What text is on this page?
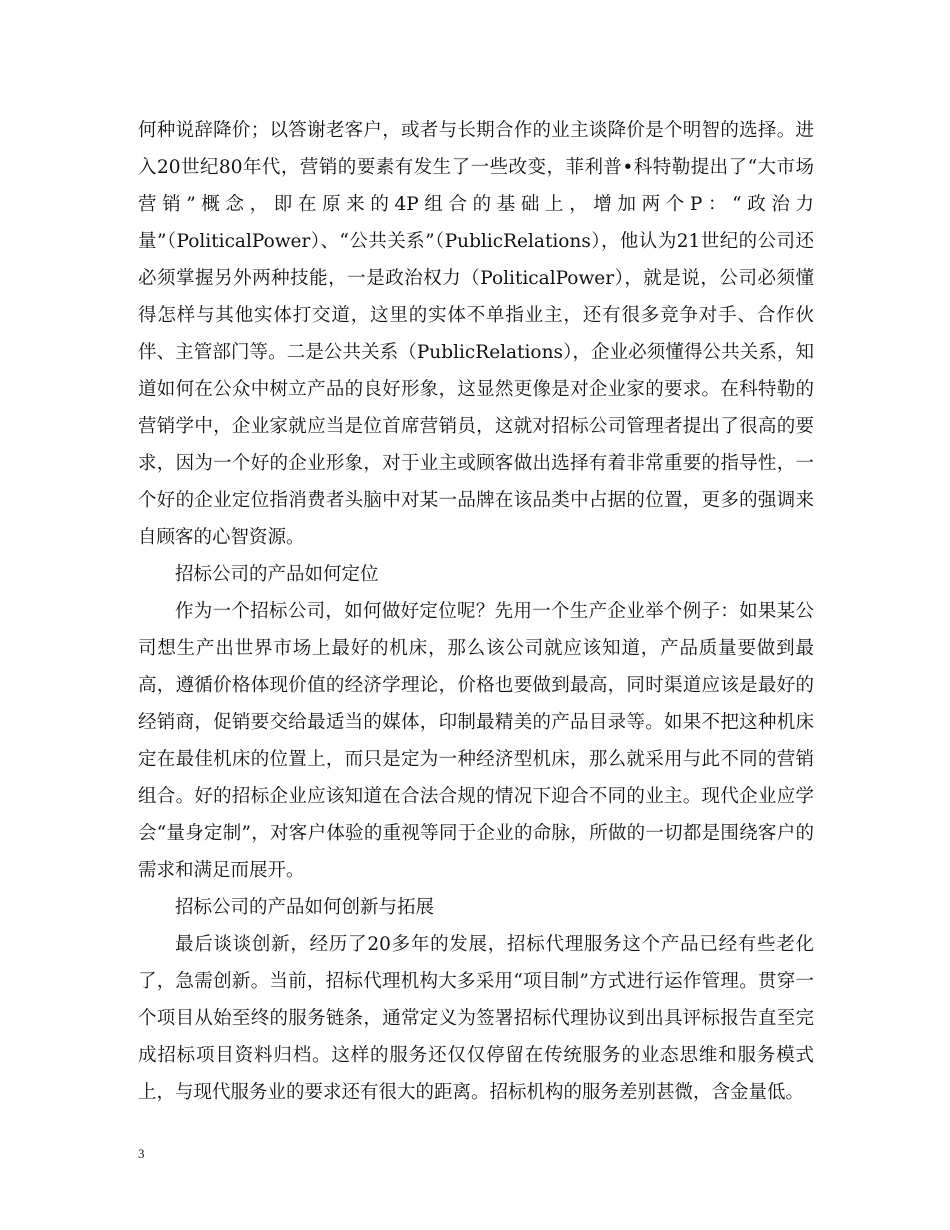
何种说辞降价；以答谢老客户，或者与长期合作的业主谈降价是个明智的选择。进入20世纪80年代，营销的要素有发生了一些改变，菲利普•科特勒提出了“大市场营销”概念，即在原来的4P组合的基础上，增加两个P：“政治力量”（PoliticalPower）、“公共关系”（PublicRelations），他认为21世纪的公司还必须掌握另外两种技能，一是政治权力（PoliticalPower），就是说，公司必须懂得怎样与其他实体打交道，这里的实体不单指业主，还有很多竞争对手、合作伙伴、主管部门等。二是公共关系（PublicRelations），企业必须懂得公共关系，知道如何在公众中树立产品的良好形象，这显然更像是对企业家的要求。在科特勒的营销学中，企业家就应当是位首席营销员，这就对招标公司管理者提出了很高的要求，因为一个好的企业形象，对于业主或顾客做出选择有着非常重要的指导性，一个好的企业定位指消费者头脑中对某一品牌在该品类中占据的位置，更多的强调来自顾客的心智资源。

招标公司的产品如何定位

作为一个招标公司，如何做好定位呢？先用一个生产企业举个例子：如果某公司想生产出世界市场上最好的机床，那么该公司就应该知道，产品质量要做到最高，遵循价格体现价值的经济学理论，价格也要做到最高，同时渠道应该是最好的经销商，促销要交给最适当的媒体，印制最精美的产品目录等。如果不把这种机床定在最佳机床的位置上，而只是定为一种经济型机床，那么就采用与此不同的营销组合。好的招标企业应该知道在合法合规的情况下迎合不同的业主。现代企业应学会“量身定制”，对客户体验的重视等同于企业的命脉，所做的一切都是围绕客户的需求和满足而展开。

招标公司的产品如何创新与拓展

最后谈谈创新，经历了20多年的发展，招标代理服务这个产品已经有些老化了，急需创新。当前，招标代理机构大多采用“项目制”方式进行运作管理。贯穿一个项目从始至终的服务链条，通常定义为签署招标代理协议到出具评标报告直至完成招标项目资料归档。这样的服务还仅仅停留在传统服务的业态思维和服务模式上，与现代服务业的要求还有很大的距离。招标机构的服务差别甚微，含金量低。

3
